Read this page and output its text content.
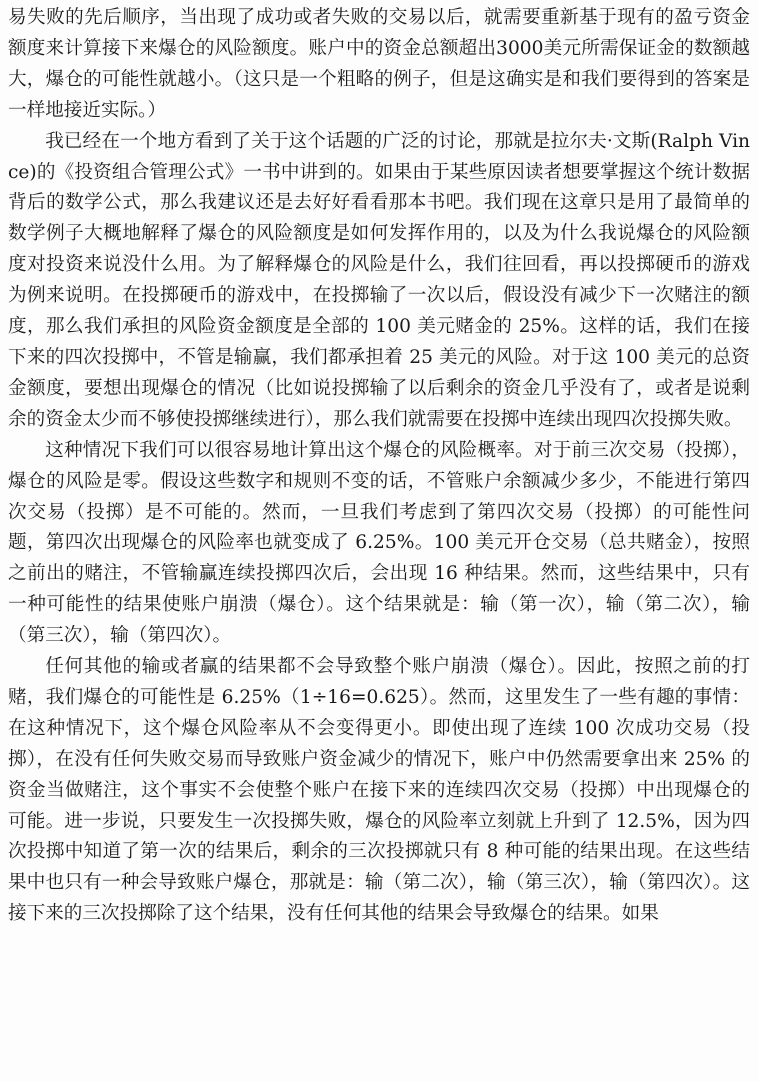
易失败的先后顺序，当出现了成功或者失败的交易以后，就需要重新基于现有的盈亏资金额度来计算接下来爆仓的风险额度。账户中的资金总额超出3000美元所需保证金的数额越大，爆仓的可能性就越小。（这只是一个粗略的例子，但是这确实是和我们要得到的答案是一样地接近实际。）

我已经在一个地方看到了关于这个话题的广泛的讨论，那就是拉尔夫·文斯(Ralph Vince)的《投资组合管理公式》一书中讲到的。如果由于某些原因读者想要掌握这个统计数据背后的数学公式，那么我建议还是去好好看看那本书吧。我们现在这章只是用了最简单的数学例子大概地解释了爆仓的风险额度是如何发挥作用的，以及为什么我说爆仓的风险额度对投资来说没什么用。为了解释爆仓的风险是什么，我们往回看，再以投掷硬币的游戏为例来说明。在投掷硬币的游戏中，在投掷输了一次以后，假设没有减少下一次赌注的额度，那么我们承担的风险资金额度是全部的 100 美元赌金的 25%。这样的话，我们在接下来的四次投掷中，不管是输赢，我们都承担着 25 美元的风险。对于这 100 美元的总资金额度，要想出现爆仓的情况（比如说投掷输了以后剩余的资金几乎没有了，或者是说剩余的资金太少而不够使投掷继续进行），那么我们就需要在投掷中连续出现四次投掷失败。

这种情况下我们可以很容易地计算出这个爆仓的风险概率。对于前三次交易（投掷），爆仓的风险是零。假设这些数字和规则不变的话，不管账户余额减少多少，不能进行第四次交易（投掷）是不可能的。然而，一旦我们考虑到了第四次交易（投掷）的可能性问题，第四次出现爆仓的风险率也就变成了 6.25%。100 美元开仓交易（总共赌金），按照之前出的赌注，不管输赢连续投掷四次后，会出现 16 种结果。然而，这些结果中，只有一种可能性的结果使账户崩溃（爆仓）。这个结果就是：输（第一次），输（第二次），输（第三次），输（第四次）。

任何其他的输或者赢的结果都不会导致整个账户崩溃（爆仓）。因此，按照之前的打赌，我们爆仓的可能性是 6.25%（1÷16=0.625）。然而，这里发生了一些有趣的事情：在这种情况下，这个爆仓风险率从不会变得更小。即使出现了连续 100 次成功交易（投掷），在没有任何失败交易而导致账户资金减少的情况下，账户中仍然需要拿出来 25% 的资金当做赌注，这个事实不会使整个账户在接下来的连续四次交易（投掷）中出现爆仓的可能。进一步说，只要发生一次投掷失败，爆仓的风险率立刻就上升到了 12.5%，因为四次投掷中知道了第一次的结果后，剩余的三次投掷就只有 8 种可能的结果出现。在这些结果中也只有一种会导致账户爆仓，那就是：输（第二次），输（第三次），输（第四次）。这接下来的三次投掷除了这个结果，没有任何其他的结果会导致爆仓的结果。如果
